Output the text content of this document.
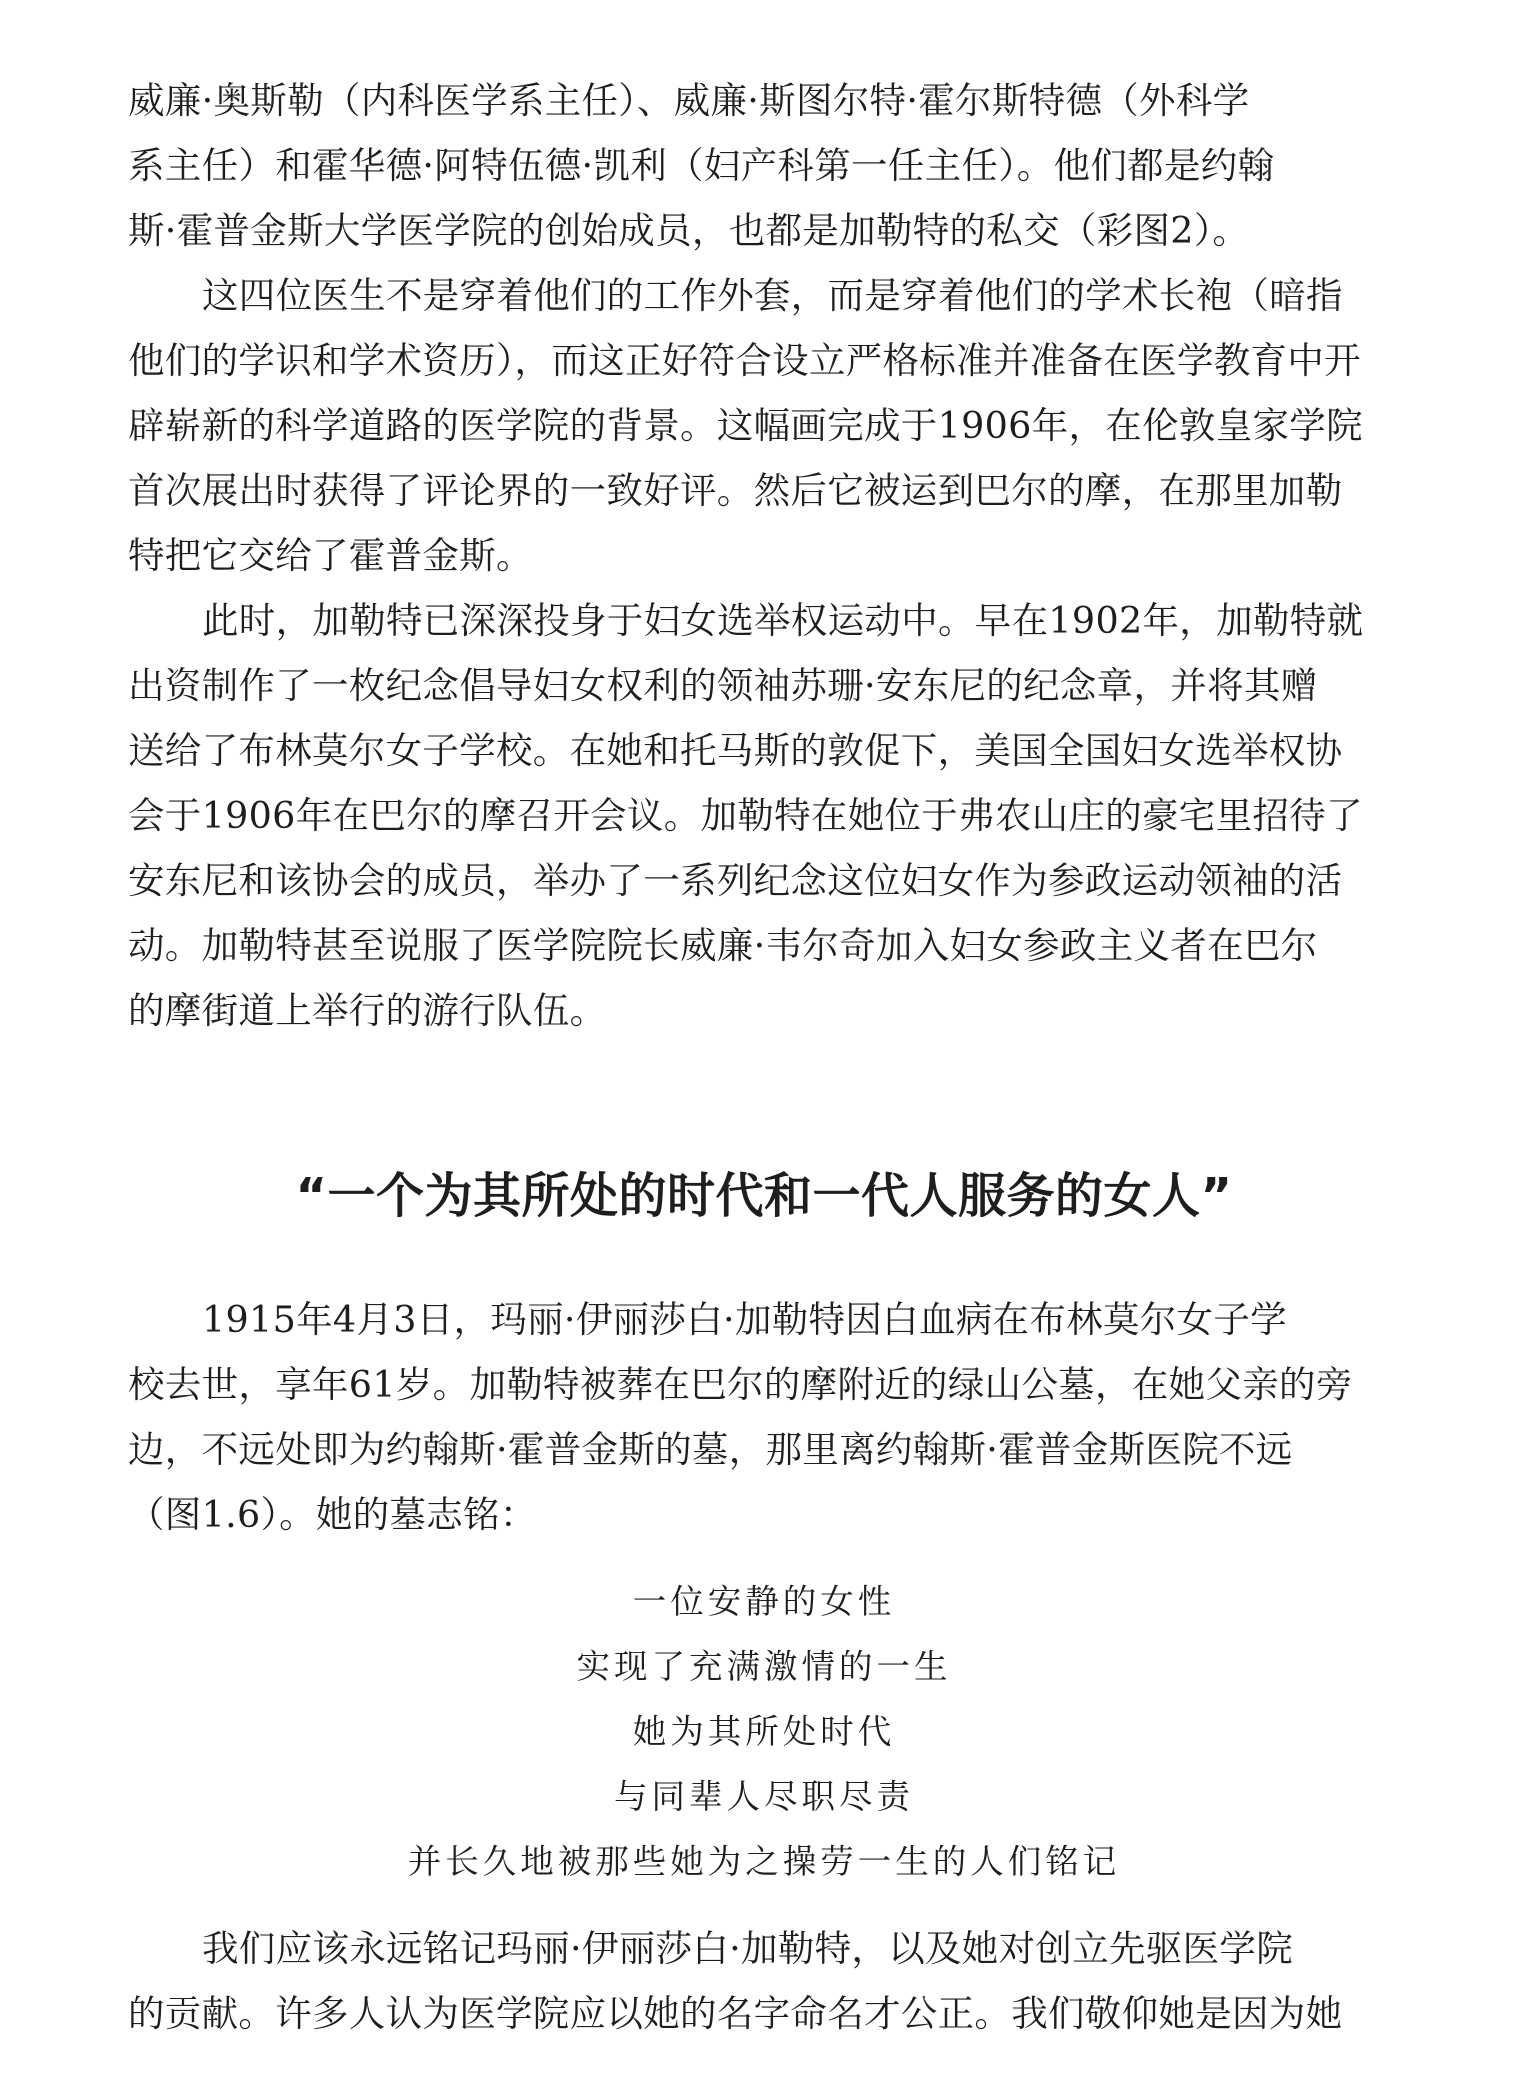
威廉·奥斯勒（内科医学系主任）、威廉·斯图尔特·霍尔斯特德（外科学
系主任）和霍华德·阿特伍德·凯利（妇产科第一任主任）。他们都是约翰
斯·霍普金斯大学医学院的创始成员，也都是加勒特的私交（彩图2）。

这四位医生不是穿着他们的工作外套，而是穿着他们的学术长袍（暗指
他们的学识和学术资历），而这正好符合设立严格标准并准备在医学教育中开
辟崭新的科学道路的医学院的背景。这幅画完成于1906年，在伦敦皇家学院
首次展出时获得了评论界的一致好评。然后它被运到巴尔的摩，在那里加勒
特把它交给了霍普金斯。

此时，加勒特已深深投身于妇女选举权运动中。早在1902年，加勒特就
出资制作了一枚纪念倡导妇女权利的领袖苏珊·安东尼的纪念章，并将其赠
送给了布林莫尔女子学校。在她和托马斯的敦促下，美国全国妇女选举权协
会于1906年在巴尔的摩召开会议。加勒特在她位于弗农山庄的豪宅里招待了
安东尼和该协会的成员，举办了一系列纪念这位妇女作为参政运动领袖的活
动。加勒特甚至说服了医学院院长威廉·韦尔奇加入妇女参政主义者在巴尔
的摩街道上举行的游行队伍。

“一个为其所处的时代和一代人服务的女人”

1915年4月3日，玛丽·伊丽莎白·加勒特因白血病在布林莫尔女子学
校去世，享年61岁。加勒特被葬在巴尔的摩附近的绿山公墓，在她父亲的旁
边，不远处即为约翰斯·霍普金斯的墓，那里离约翰斯·霍普金斯医院不远
（图1.6）。她的墓志铭：

一位安静的女性
实现了充满激情的一生
她为其所处时代
与同辈人尽职尽责
并长久地被那些她为之操劳一生的人们铭记

我们应该永远铭记玛丽·伊丽莎白·加勒特，以及她对创立先驱医学院
的贡献。许多人认为医学院应以她的名字命名才公正。我们敬仰她是因为她
